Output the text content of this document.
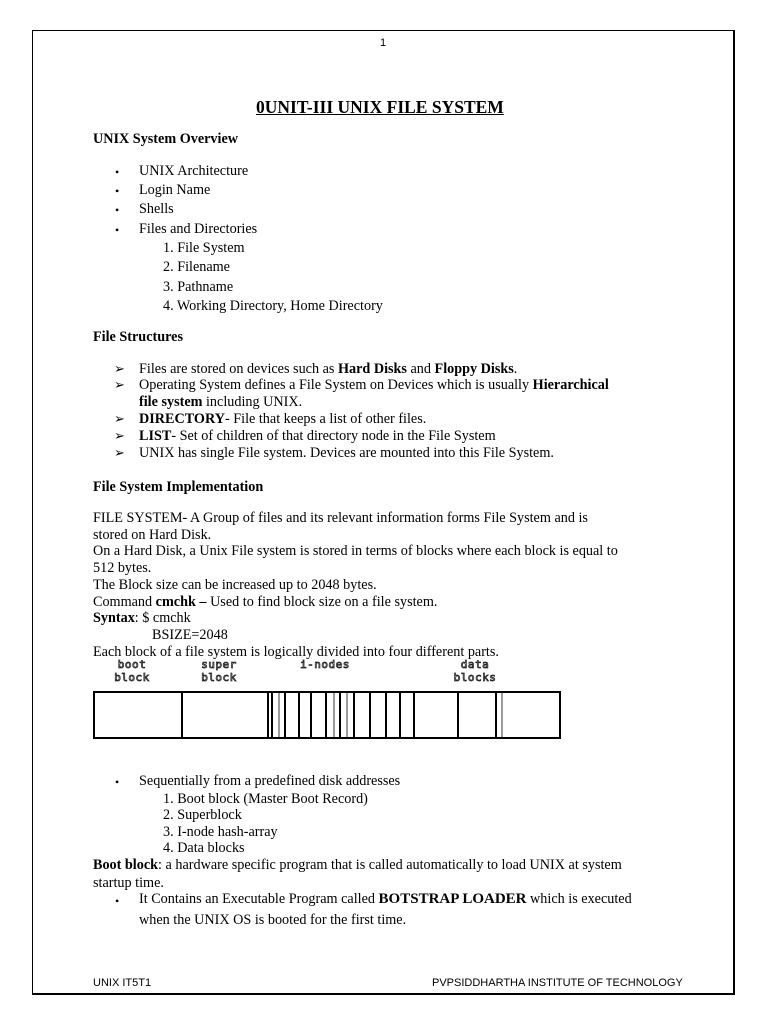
1
0UNIT-III UNIX FILE SYSTEM
UNIX System Overview
• UNIX Architecture
• Login Name
• Shells
• Files and Directories
1. File System
2. Filename
3. Pathname
4. Working Directory, Home Directory
File Structures
➢ Files are stored on devices such as Hard Disks and Floppy Disks.
➢ Operating System defines a File System on Devices which is usually Hierarchical
file system including UNIX.
➢ DIRECTORY- File that keeps a list of other files.
➢ LIST- Set of children of that directory node in the File System
➢ UNIX has single File system. Devices are mounted into this File System.
File System Implementation
FILE SYSTEM- A Group of files and its relevant information forms File System and is
stored on Hard Disk.
On a Hard Disk, a Unix File system is stored in terms of blocks where each block is equal to
512 bytes.
The Block size can be increased up to 2048 bytes.
Command cmchk – Used to find block size on a file system.
Syntax: $ cmchk
BSIZE=2048
Each block of a file system is logically divided into four different parts.
boot
block
super
block
i-nodes	data
blocks
• Sequentially from a predefined disk addresses
1. Boot block (Master Boot Record)
2. Superblock
3. I-node hash-array
4. Data blocks
Boot block: a hardware specific program that is called automatically to load UNIX at system
startup time.
• It Contains an Executable Program called BOTSTRAP LOADER which is executed
when the UNIX OS is booted for the first time.
UNIX IT5T1	PVPSIDDHARTHA INSTITUTE OF TECHNOLOGY
